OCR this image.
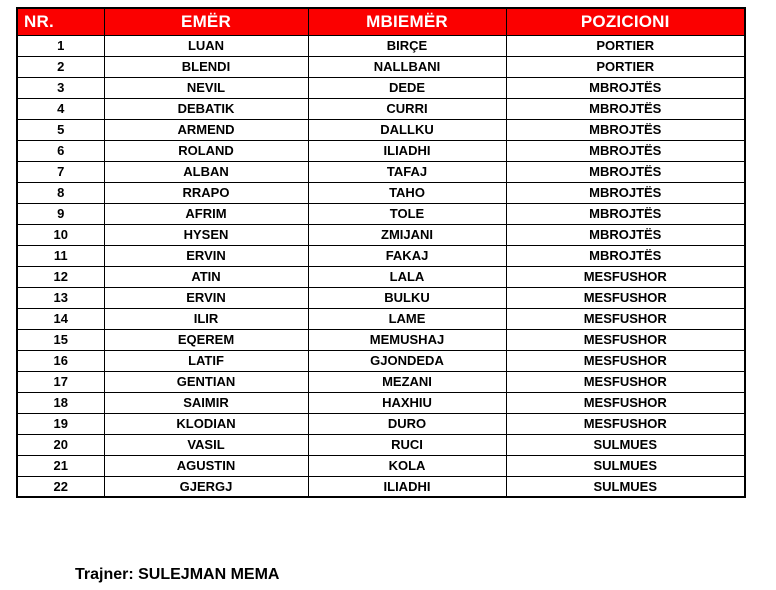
NR.	EMËR	MBIEMËR	POZICIONI
1	LUAN	BIRÇE	PORTIER
2	BLENDI	NALLBANI	PORTIER
3	NEVIL	DEDE	MBROJTËS
4	DEBATIK	CURRI	MBROJTËS
5	ARMEND	DALLKU	MBROJTËS
6	ROLAND	ILIADHI	MBROJTËS
7	ALBAN	TAFAJ	MBROJTËS
8	RRAPO	TAHO	MBROJTËS
9	AFRIM	TOLE	MBROJTËS
10	HYSEN	ZMIJANI	MBROJTËS
11	ERVIN	FAKAJ	MBROJTËS
12	ATIN	LALA	MESFUSHOR
13	ERVIN	BULKU	MESFUSHOR
14	ILIR	LAME	MESFUSHOR
15	EQEREM	MEMUSHAJ	MESFUSHOR
16	LATIF	GJONDEDA	MESFUSHOR
17	GENTIAN	MEZANI	MESFUSHOR
18	SAIMIR	HAXHIU	MESFUSHOR
19	KLODIAN	DURO	MESFUSHOR
20	VASIL	RUCI	SULMUES
21	AGUSTIN	KOLA	SULMUES
22	GJERGJ	ILIADHI	SULMUES
Trajner: SULEJMAN MEMA
